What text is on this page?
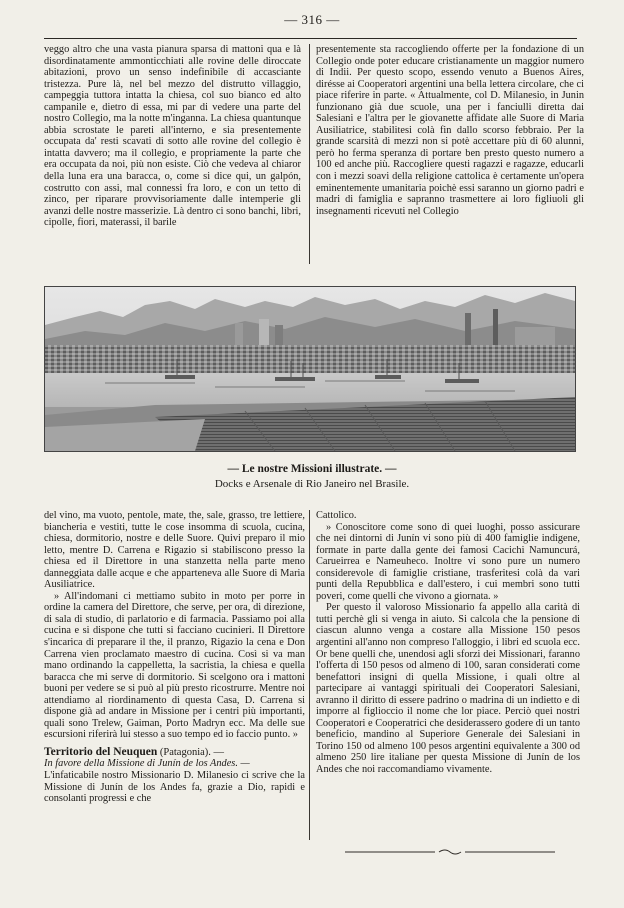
— 316 —

veggo altro che una vasta pianura sparsa di mattoni qua e là disordinatamente ammonticchiati alle rovine delle diroccate abitazioni, provo un senso indefinibile di accasciante tristezza. Pure là, nel bel mezzo del distrutto villaggio, campeggia tuttora intatta la chiesa, col suo bianco ed alto campanile e, dietro di essa, mi par di vedere una parte del nostro Collegio, ma la notte m'inganna. La chiesa quantunque abbia scrostate le pareti all'interno, e sia presentemente occupata da' resti scavati di sotto alle rovine del collegio è intatta davvero; ma il collegio, e propriamente la parte che era occupata da noi, più non esiste. Ciò che vedeva al chiaror della luna era una baracca, o, come si dice qui, un galpón, costrutto con assi, mal connessi fra loro, e con un tetto di zinco, per riparare provvisoriamente dalle intemperie gli avanzi delle nostre masserizie. Là dentro ci sono banchi, libri, cipolle, fiori, materassi, il barile

presentemente sta raccogliendo offerte per la fondazione di un Collegio onde poter educare cristianamente un maggior numero di Indii. Per questo scopo, essendo venuto a Buenos Aires, dirésse ai Cooperatori argentini una bella lettera circolare, che ci piace riferire in parte. « Attualmente, col D. Milanesio, in Junin funzionano già due scuole, una per i fanciulli diretta dai Salesiani e l'altra per le giovanette affidate alle Suore di Maria Ausiliatrice, stabilitesi colà fin dallo scorso febbraio. Per la grande scarsità di mezzi non si potè accettare più di 60 alunni, però ho ferma speranza di portare ben presto questo numero a 100 ed anche più. Raccogliere questi ragazzi e ragazze, educarli con i mezzi soavi della religione cattolica è certamente un'opera eminentemente umanitaria poichè essi saranno un giorno padri e madri di famiglia e sapranno trasmettere ai loro figliuoli gli insegnamenti ricevuti nel Collegio

— Le nostre Missioni illustrate. —
Docks e Arsenale di Rio Janeiro nel Brasile.

del vino, ma vuoto, pentole, mate, the, sale, grasso, tre lettiere, biancheria e vestiti, tutte le cose insomma di scuola, cucina, chiesa, dormitorio, nostre e delle Suore. Quivi preparo il mio letto, mentre D. Carrena e Rigazio si stabiliscono presso la chiesa ed il Direttore in una stanzetta nella parte meno danneggiata dalle acque e che apparteneva alle Suore di Maria Ausiliatrice.

» All'indomani ci mettiamo subito in moto per porre in ordine la camera del Direttore, che serve, per ora, di direzione, di sala di studio, di parlatorio e di farmacia. Passiamo poi alla cucina e si dispone che tutti si facciano cucinieri. Il Direttore s'incarica di preparare il the, il pranzo, Rigazio la cena e Don Carrena vien proclamato maestro di cucina. Così si va man mano ordinando la cappelletta, la sacristia, la chiesa e quella baracca che mi serve di dormitorio. Si scelgono ora i mattoni buoni per vedere se si può al più presto ricostrurre. Mentre noi attendiamo al riordinamento di questa Casa, D. Carrena si dispone già ad andare in Missione per i centri più importanti, quali sono Trelew, Gaiman, Porto Madryn ecc. Ma delle sue escursioni riferirà lui stesso a suo tempo ed io faccio punto. »

Territorio del Neuquen (Patagonia). —

In favore della Missione di Junín de los Andes. —

L'infaticabile nostro Missionario D. Milanesio ci scrive che la Missione di Junín de los Andes fa, grazie a Dio, rapidi e consolanti progressi e che

Cattolico.

» Conoscitore come sono di quei luoghi, posso assicurare che nei dintorni di Junín vi sono più di 400 famiglie indigene, formate in parte dalla gente dei famosi Cacichi Namuncurá, Carueirrea e Nameuheco. Inoltre vi sono pure un numero considerevole di famiglie cristiane, trasferitesi colà da vari punti della Repubblica e dall'estero, i cui membri sono tutti poveri, come quelli che vivono a giornata. »

Per questo il valoroso Missionario fa appello alla carità di tutti perchè gli si venga in aiuto. Si calcola che la pensione di ciascun alunno venga a costare alla Missione 150 pesos argentini all'anno non compreso l'alloggio, i libri ed scuola ecc. Or bene quelli che, unendosi agli sforzi dei Missionari, faranno l'offerta di 150 pesos od almeno di 100, saran considerati come benefattori insigni di quella Missione, i quali oltre al partecipare ai vantaggi spirituali dei Cooperatori Salesiani, avranno il diritto di essere padrino o madrina di un indietto e di imporre al figlioccio il nome che lor piace. Perciò quei nostri Cooperatori e Cooperatrici che desiderassero godere di un tanto beneficio, mandino al Superiore Generale dei Salesiani in Torino 150 od almeno 100 pesos argentini equivalente a 300 od almeno 250 lire italiane per questa Missione di Junín de los Andes che noi raccomandiamo vivamente.
